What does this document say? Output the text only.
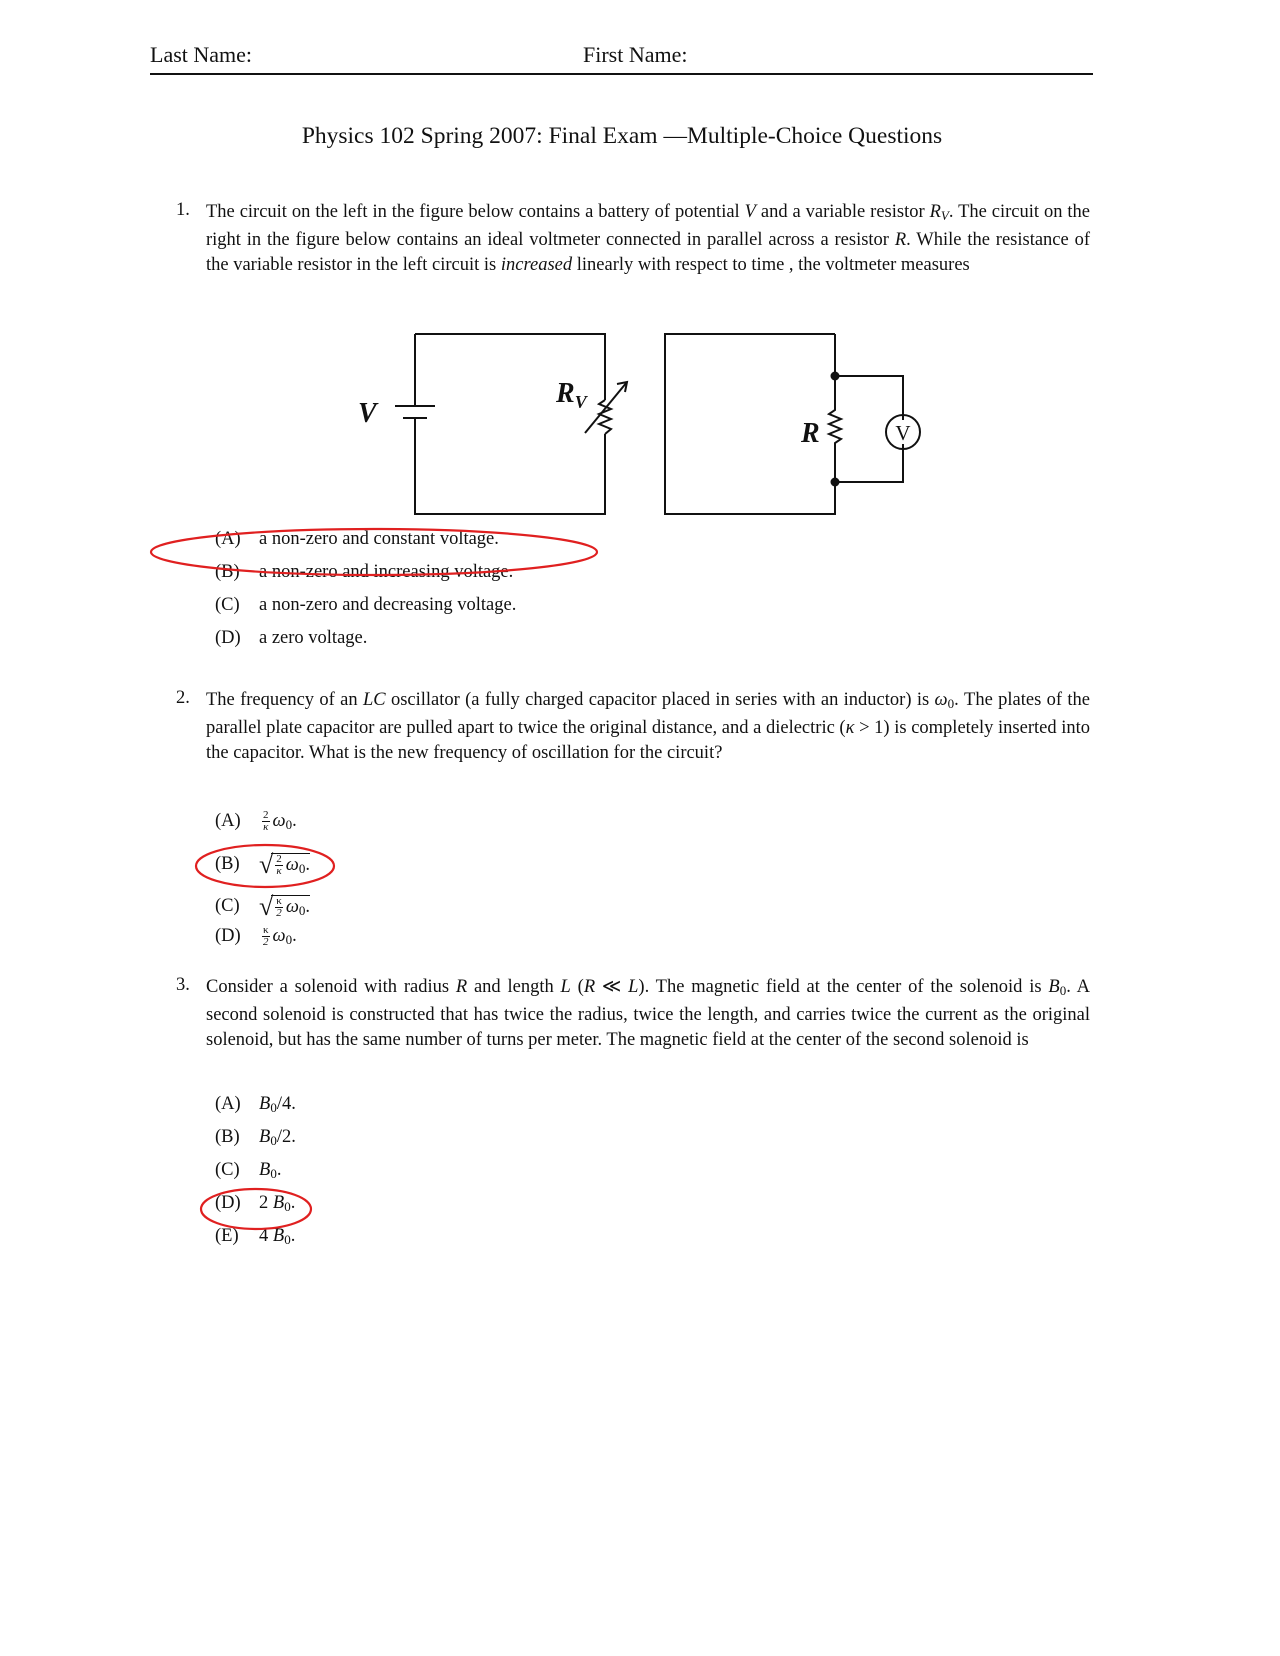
Last Name:	First Name:
Physics 102 Spring 2007: Final Exam —Multiple-Choice Questions
1. The circuit on the left in the figure below contains a battery of potential V and a variable resistor $R_V$. The circuit on the right in the figure below contains an ideal voltmeter connected in parallel across a resistor R. While the resistance of the variable resistor in the left circuit is increased linearly with respect to time , the voltmeter measures
V
$R_V$
R	V
(A) a non-zero and constant voltage.
(B) a non-zero and increasing voltage.
(C) a non-zero and decreasing voltage.
(D) a zero voltage.
2. The frequency of an LC oscillator (a fully charged capacitor placed in series with an inductor) is $\omega_0$. The plates of the parallel plate capacitor are pulled apart to twice the original distance, and a dielectric (κ > 1) is completely inserted into the capacitor. What is the new frequency of oscillation for the circuit?
$(A) \frac{2}{\kappa} \omega_0$.
(B) √ $\frac{2}{\kappa} \omega_0$.
(C) √ $\frac{\kappa}{2} \omega_0$.
$(D) \frac{\kappa}{2} \omega_0$.
3. Consider a solenoid with radius R and length L (R ≪ L). The magnetic field at the center of the solenoid is $B_0$. A second solenoid is constructed that has twice the radius, twice the length, and carries twice the current as the original solenoid, but has the same number of turns per meter. The magnetic field at the center of the second solenoid is
(A) $B_0/4$.
(B) $B_0/2$.
(C) $B_0$.
(D) 2 $B_0$.
(E) 4 $B_0$.
